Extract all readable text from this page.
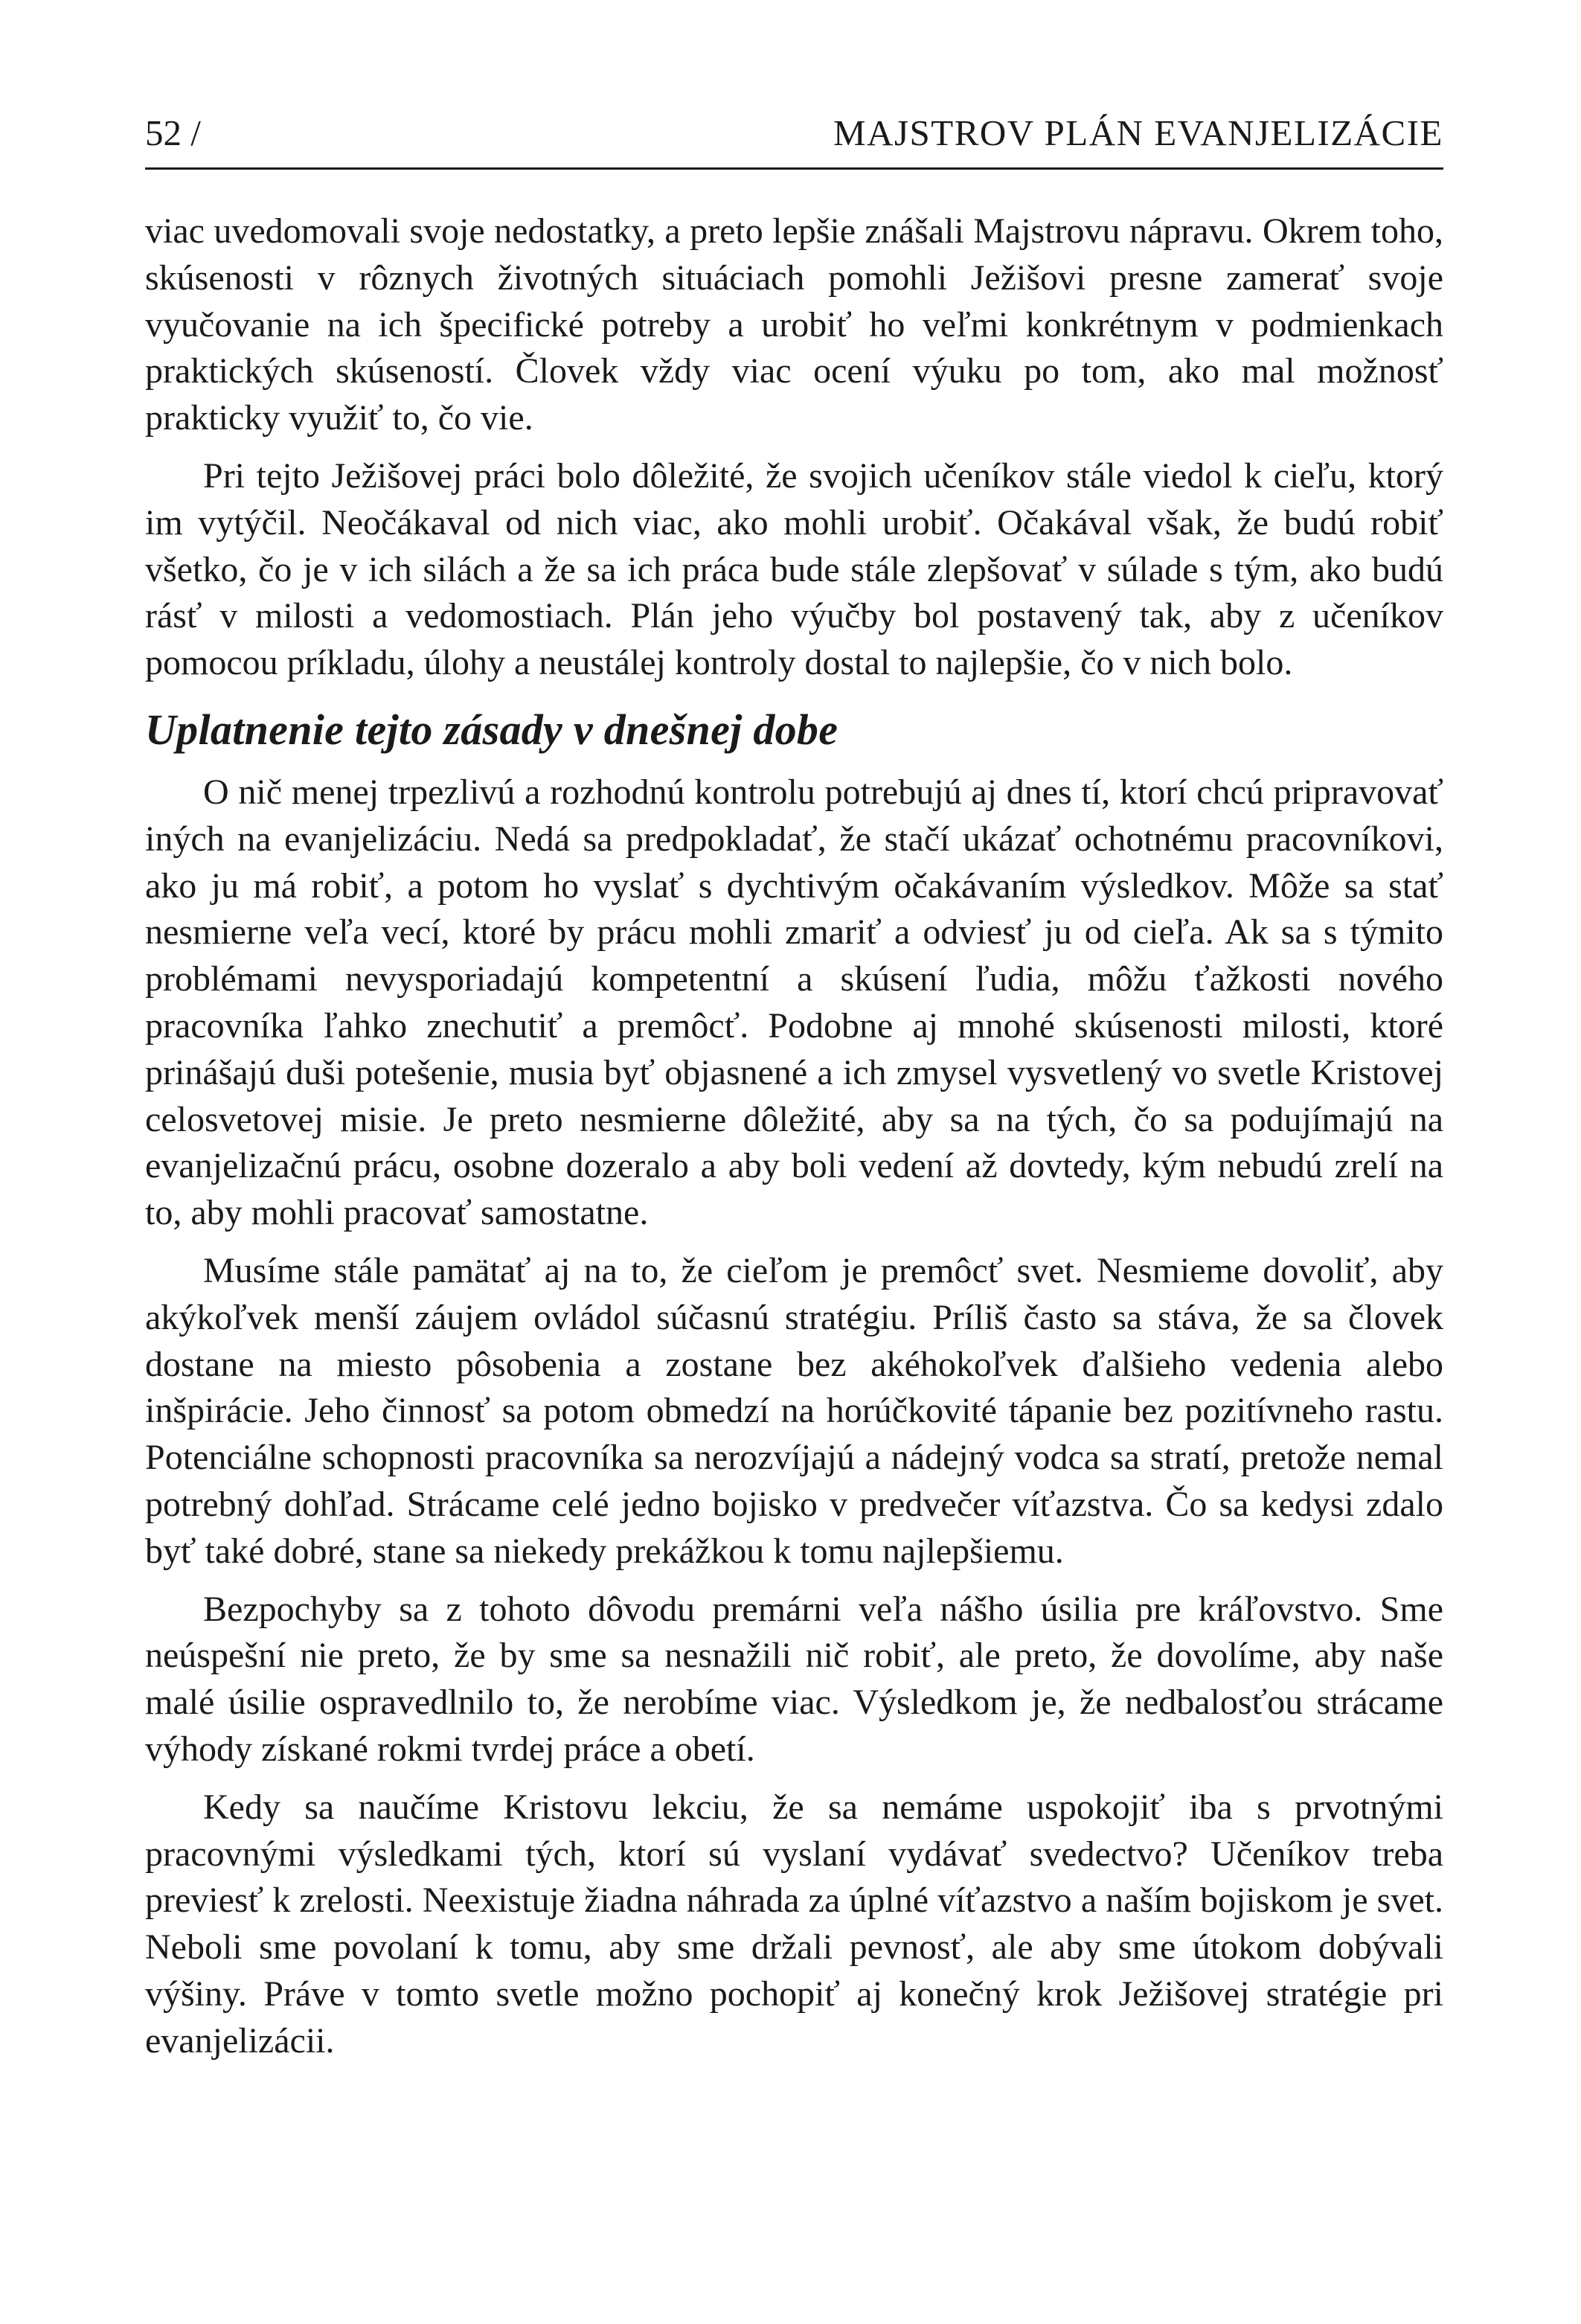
52 /	MAJSTROV PLÁN EVANJELIZÁCIE

viac uvedomovali svoje nedostatky, a preto lepšie znášali Majstrovu nápravu. Okrem toho, skúsenosti v rôznych životných situáciach pomohli Ježišovi presne zamerať svoje vyučovanie na ich špecifické potreby a urobiť ho veľmi konkrétnym v podmienkach praktických skúseností. Človek vždy viac ocení výuku po tom, ako mal možnosť prakticky využiť to, čo vie.

Pri tejto Ježišovej práci bolo dôležité, že svojich učeníkov stále viedol k cieľu, ktorý im vytýčil. Neočákaval od nich viac, ako mohli urobiť. Očakával však, že budú robiť všetko, čo je v ich silách a že sa ich práca bude stále zlepšovať v súlade s tým, ako budú rásť v milosti a vedomostiach. Plán jeho výučby bol postavený tak, aby z učeníkov pomocou príkladu, úlohy a neustálej kontroly dostal to najlepšie, čo v nich bolo.

Uplatnenie tejto zásady v dnešnej dobe

O nič menej trpezlivú a rozhodnú kontrolu potrebujú aj dnes tí, ktorí chcú pripravovať iných na evanjelizáciu. Nedá sa predpokladať, že stačí ukázať ochotnému pracovníkovi, ako ju má robiť, a potom ho vyslať s dychtivým očakávaním výsledkov. Môže sa stať nesmierne veľa vecí, ktoré by prácu mohli zmariť a odviesť ju od cieľa. Ak sa s týmito problémami nevysporiadajú kompetentní a skúsení ľudia, môžu ťažkosti nového pracovníka ľahko znechutiť a premôcť. Podobne aj mnohé skúsenosti milosti, ktoré prinášajú duši potešenie, musia byť objasnené a ich zmysel vysvetlený vo svetle Kristovej celosvetovej misie. Je preto nesmierne dôležité, aby sa na tých, čo sa podujímajú na evanjelizačnú prácu, osobne dozeralo a aby boli vedení až dovtedy, kým nebudú zrelí na to, aby mohli pracovať samostatne.

Musíme stále pamätať aj na to, že cieľom je premôcť svet. Nesmieme dovoliť, aby akýkoľvek menší záujem ovládol súčasnú stratégiu. Príliš často sa stáva, že sa človek dostane na miesto pôsobenia a zostane bez akéhokoľvek ďalšieho vedenia alebo inšpirácie. Jeho činnosť sa potom obmedzí na horúčkovité tápanie bez pozitívneho rastu. Potenciálne schopnosti pracovníka sa nerozvíjajú a nádejný vodca sa stratí, pretože nemal potrebný dohľad. Strácame celé jedno bojisko v predvečer víťazstva. Čo sa kedysi zdalo byť také dobré, stane sa niekedy prekážkou k tomu najlepšiemu.

Bezpochyby sa z tohoto dôvodu premárni veľa nášho úsilia pre kráľovstvo. Sme neúspešní nie preto, že by sme sa nesnažili nič robiť, ale preto, že dovolíme, aby naše malé úsilie ospravedlnilo to, že nerobíme viac. Výsledkom je, že nedbalosťou strácame výhody získané rokmi tvrdej práce a obetí.

Kedy sa naučíme Kristovu lekciu, že sa nemáme uspokojiť iba s prvotnými pracovnými výsledkami tých, ktorí sú vyslaní vydávať svedectvo? Učeníkov treba previesť k zrelosti. Neexistuje žiadna náhrada za úplné víťazstvo a naším bojiskom je svet. Neboli sme povolaní k tomu, aby sme držali pevnosť, ale aby sme útokom dobývali výšiny. Práve v tomto svetle možno pochopiť aj konečný krok Ježišovej stratégie pri evanjelizácii.
